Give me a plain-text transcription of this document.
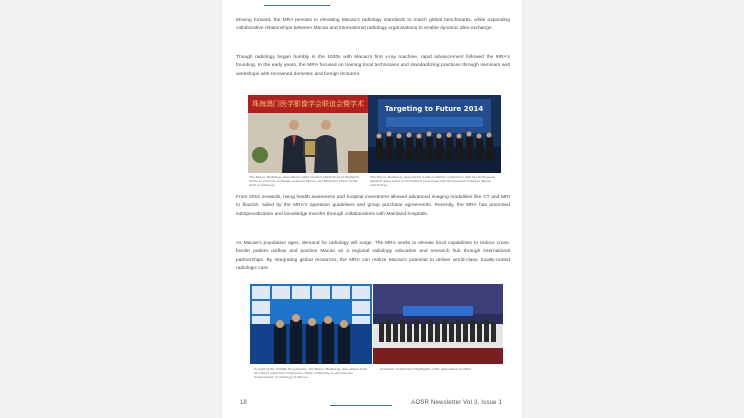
Moving forward, the MRA persists in elevating Macao's radiology standards to match global benchmarks, while expanding collaborative relationships between Macao and international radiology organizations to enable dynamic idea exchange.

Though radiology began humbly in the 1920s with Macao's first x-ray machine, rapid advancement followed the MRA's founding. In the early years, the MRA focused on training local technicians and standardizing practices through seminars and workshops with renowned domestic and foreign lecturers.

珠海澳门医学影像学会联谊会暨学术
Targeting to Future 2014

The Macao Radiology Association visits medical institutions in Mainland China to promote exchange between Macao and Mainland China in the field of radiology

The Macao Radiology Association holds academic conference with the Portuguese Medical Association to strengthen exchanges and development between Macao and Europe

From 2010 onwards, rising health awareness and hospital investment allowed advanced imaging modalities like CT and MRI to flourish, aided by the MRA's operation guidelines and group purchase agreements. Recently, the MRA has promoted subspecialization and knowledge transfer through collaborations with Mainland hospitals.

As Macao's population ages, demand for radiology will surge. The MRA seeks to elevate local capabilities to reduce cross-border patient outflow and position Macao as a regional radiology education and research hub through international partnerships. By integrating global resources, the MRA can realize Macao's potential to deliver world-class, locally-rooted radiologic care.

In light of the COVID-19 pandemic, the Macao Radiology Association held its annual academic conference online continuing to advance the development of radiology in Macao.

Academic Conference Highlights of the Association in 2023

18	AOSR Newsletter Vol 3, Issue 1
